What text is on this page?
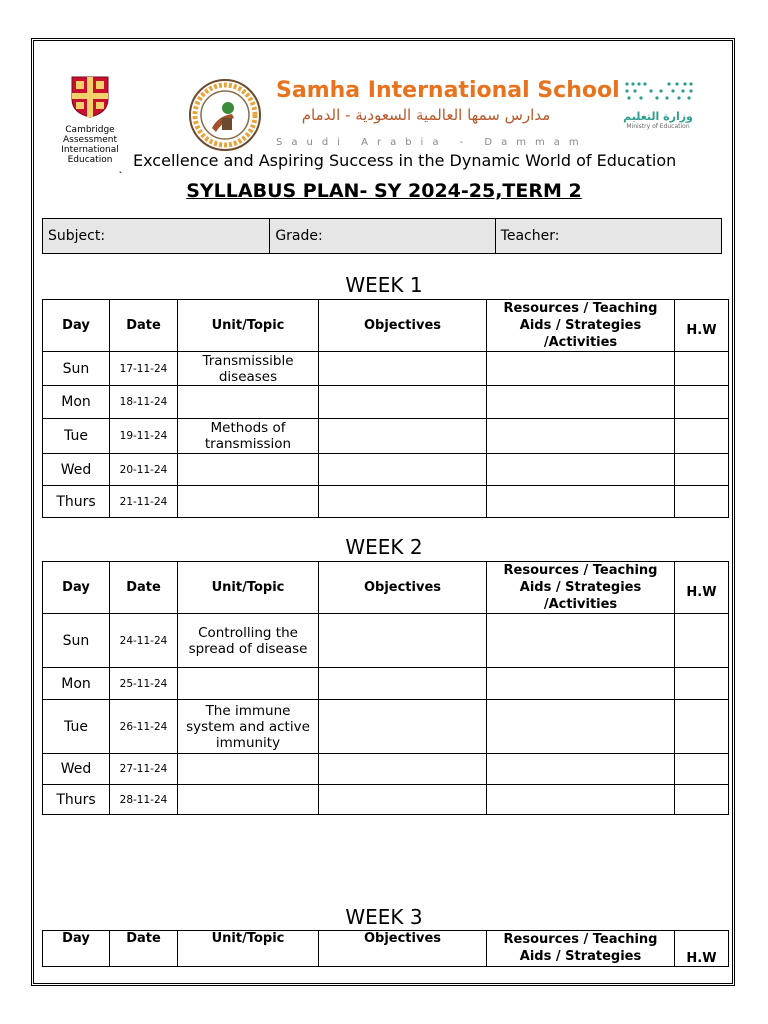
Cambridge
Assessment
International
Education
Samha International School
مدارس سمها العالمية السعودية - الدمام
Saudi Arabia - Dammam
وزارة التعليم
Ministry of Education
˛ Excellence and Aspiring Success in the Dynamic World of Education
SYLLABUS PLAN- SY 2024-25,TERM 2
Subject:	Grade:	Teacher:
WEEK 1
Day	Date	Unit/Topic	Objectives	Resources / Teaching Aids / Strategies /Activities	H.W
Sun	17-11-24	Transmissible diseases			
Mon	18-11-24				
Tue	19-11-24	Methods of transmission			
Wed	20-11-24				
Thurs	21-11-24				
WEEK 2
Day	Date	Unit/Topic	Objectives	Resources / Teaching Aids / Strategies /Activities	H.W
Sun	24-11-24	Controlling the spread of disease			
Mon	25-11-24				
Tue	26-11-24	The immune system and active immunity			
Wed	27-11-24				
Thurs	28-11-24				
WEEK 3
Day	Date	Unit/Topic	Objectives	Resources / Teaching Aids / Strategies	H.W
